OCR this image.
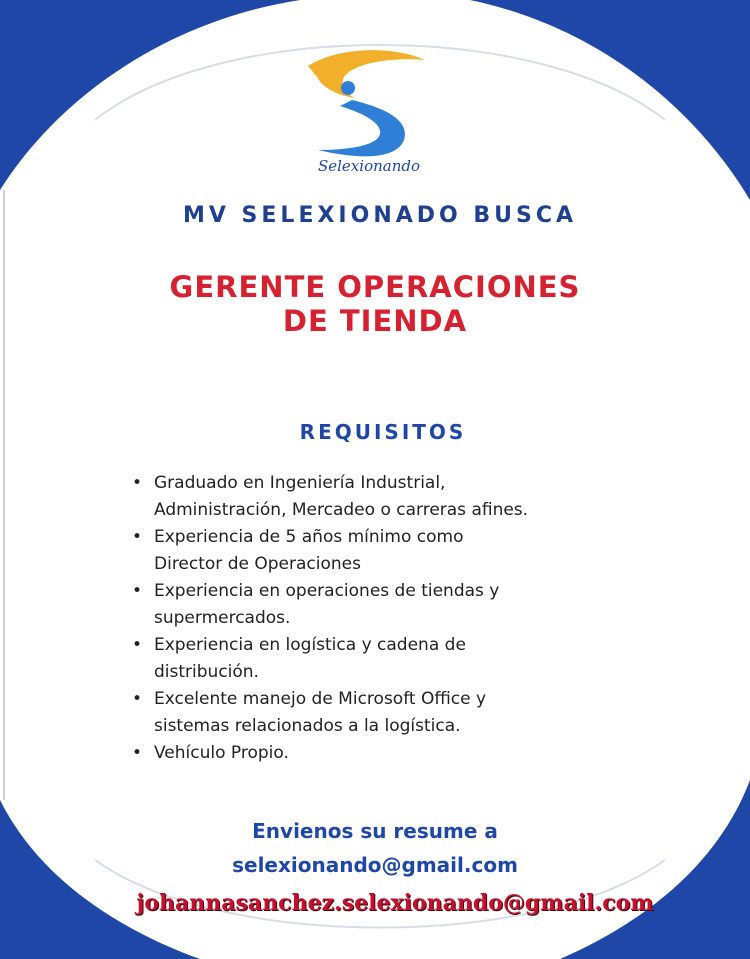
Selexionando
MV SELEXIONADO BUSCA
GERENTE OPERACIONES
DE TIENDA
REQUISITOS
• Graduado en Ingeniería Industrial,
Administración, Mercadeo o carreras afines.
• Experiencia de 5 años mínimo como
Director de Operaciones
• Experiencia en operaciones de tiendas y
supermercados.
• Experiencia en logística y cadena de
distribución.
• Excelente manejo de Microsoft Office y
sistemas relacionados a la logística.
• Vehículo Propio.
Envienos su resume a
selexionando@gmail.com
johannasanchez.selexionando@gmail.com
